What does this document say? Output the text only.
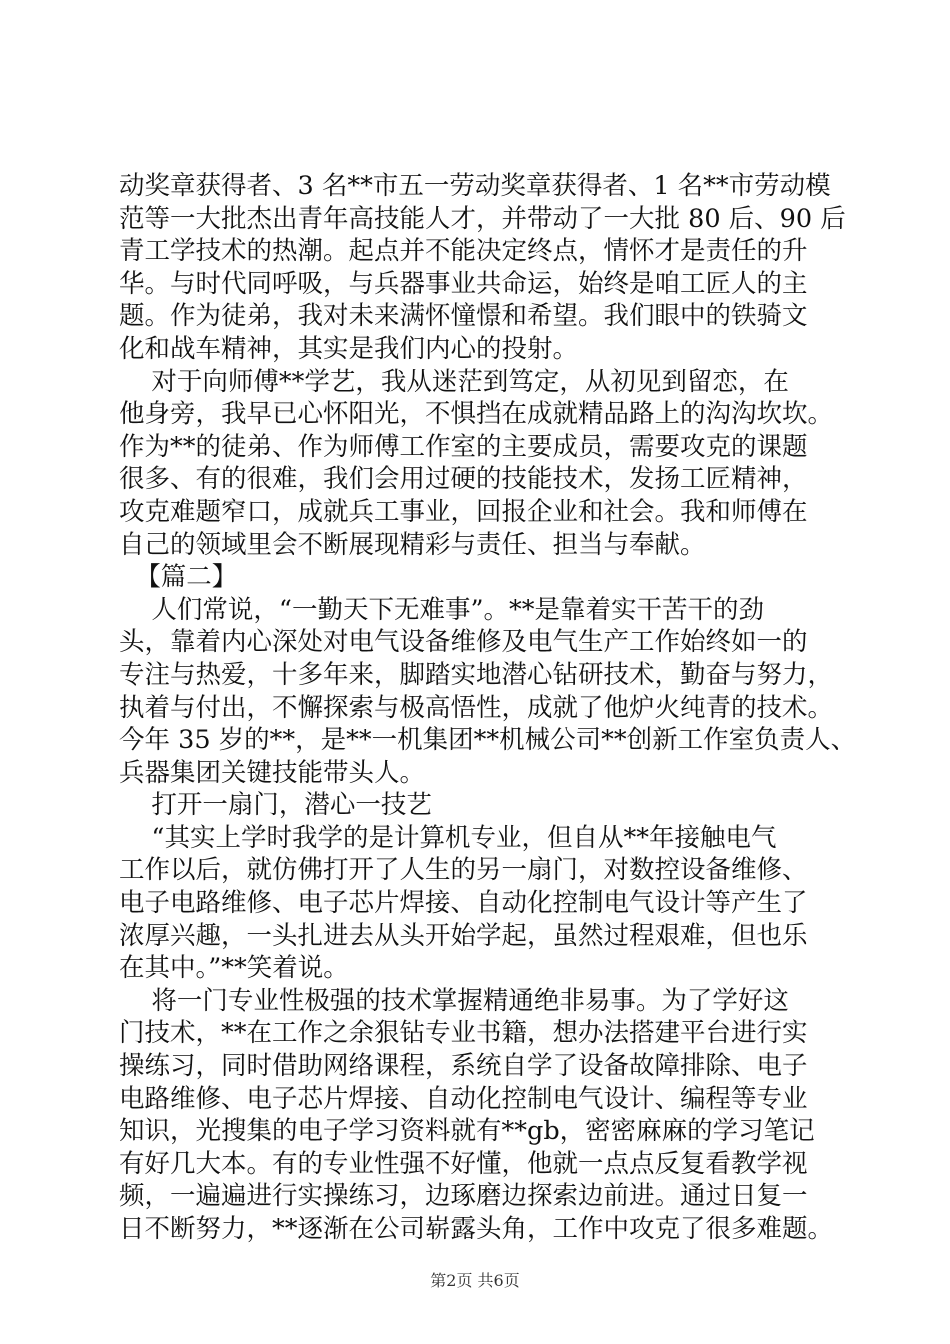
动奖章获得者、3 名**市五一劳动奖章获得者、1 名**市劳动模
范等一大批杰出青年高技能人才，并带动了一大批 80 后、90 后
青工学技术的热潮。起点并不能决定终点，情怀才是责任的升
华。与时代同呼吸，与兵器事业共命运，始终是咱工匠人的主
题。作为徒弟，我对未来满怀憧憬和希望。我们眼中的铁骑文
化和战车精神，其实是我们内心的投射。
对于向师傅**学艺，我从迷茫到笃定，从初见到留恋，在
他身旁，我早已心怀阳光，不惧挡在成就精品路上的沟沟坎坎。
作为**的徒弟、作为师傅工作室的主要成员，需要攻克的课题
很多、有的很难，我们会用过硬的技能技术，发扬工匠精神，
攻克难题窄口，成就兵工事业，回报企业和社会。我和师傅在
自己的领域里会不断展现精彩与责任、担当与奉献。
【篇二】
人们常说，“一勤天下无难事”。**是靠着实干苦干的劲
头，靠着内心深处对电气设备维修及电气生产工作始终如一的
专注与热爱，十多年来，脚踏实地潜心钻研技术，勤奋与努力，
执着与付出，不懈探索与极高悟性，成就了他炉火纯青的技术。
今年 35 岁的**，是**一机集团**机械公司**创新工作室负责人、
兵器集团关键技能带头人。
打开一扇门，潜心一技艺
“其实上学时我学的是计算机专业，但自从**年接触电气
工作以后，就仿佛打开了人生的另一扇门，对数控设备维修、
电子电路维修、电子芯片焊接、自动化控制电气设计等产生了
浓厚兴趣，一头扎进去从头开始学起，虽然过程艰难，但也乐
在其中。”**笑着说。
将一门专业性极强的技术掌握精通绝非易事。为了学好这
门技术，**在工作之余狠钻专业书籍，想办法搭建平台进行实
操练习，同时借助网络课程，系统自学了设备故障排除、电子
电路维修、电子芯片焊接、自动化控制电气设计、编程等专业
知识，光搜集的电子学习资料就有**gb，密密麻麻的学习笔记
有好几大本。有的专业性强不好懂，他就一点点反复看教学视
频，一遍遍进行实操练习，边琢磨边探索边前进。通过日复一
日不断努力，**逐渐在公司崭露头角，工作中攻克了很多难题。
第2页 共6页
